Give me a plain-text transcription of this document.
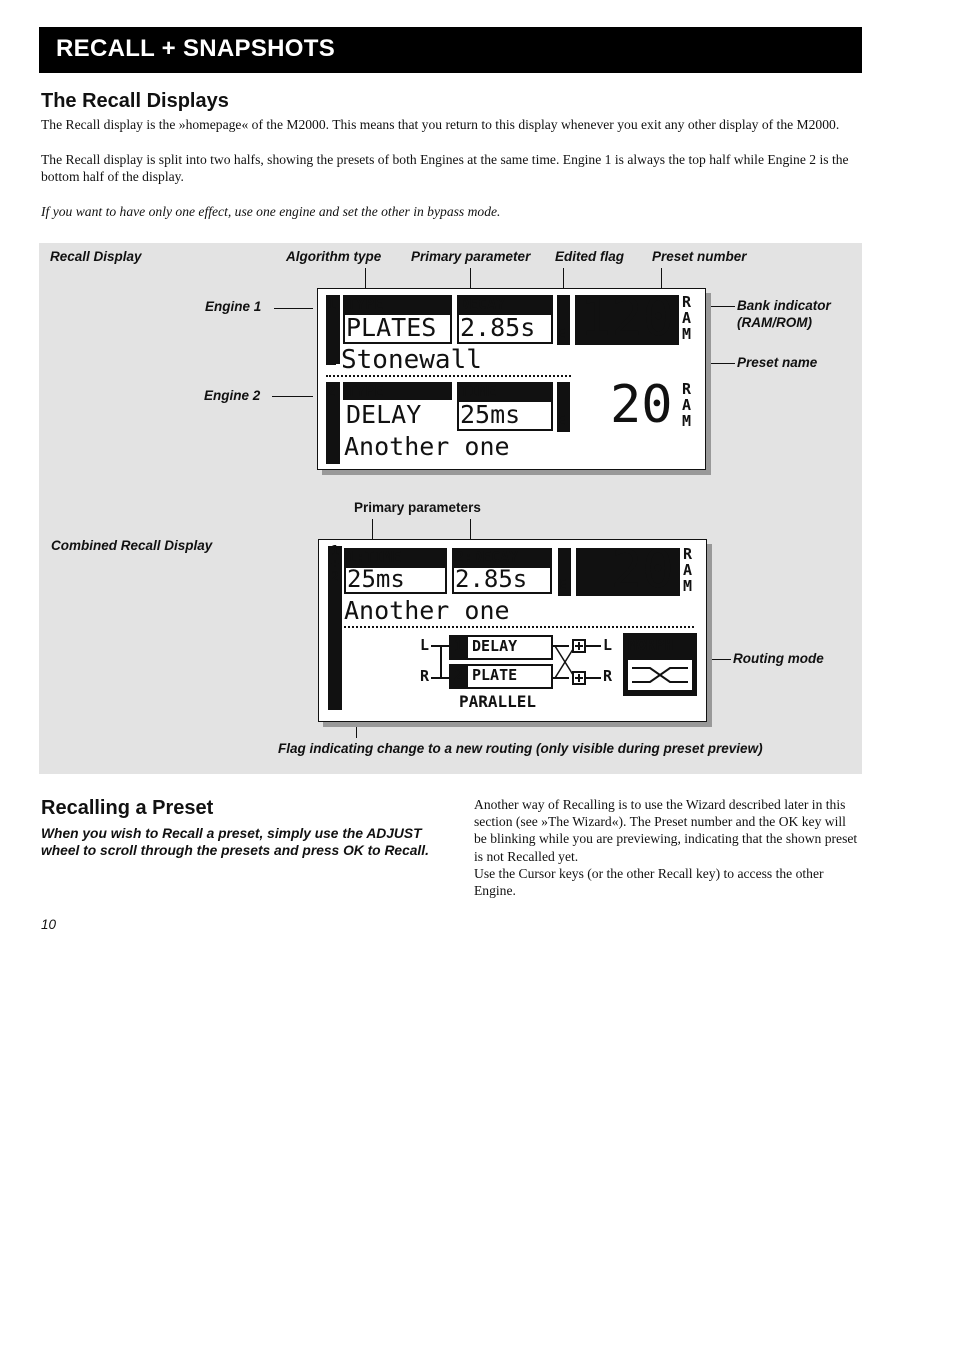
RECALL + SNAPSHOTS
The Recall Displays
The Recall display is the »homepage« of the M2000. This means that you return to this display whenever you exit any other display of the M2000.
The Recall display is split into two halfs, showing the presets of both Engines at the same time. Engine 1 is always the top half while Engine 2 is the bottom half of the display.
If you want to have only one effect, use one engine and set the other in bypass mode.
Recall Display	Algorithm type Primary parameter Edited flag Preset number
Engine 1
Engine 2
Bank indicator
(RAM/ROM)
Preset name
Primary parameters
Combined Recall Display
Routing mode
Flag indicating change to a new routing (only visible during preset preview)
1 TYPE
PLATES
DECAY
2.85s E 120 R
A
M
Stonewall
2 TYPE
DELAY
TIME
25ms	E 20 R
A
M
Another one
1
+
2
1:TIME
25ms
2:DECAY
2.85s E 20 R
A
M
Another one
L
R
1 DELAY
2 PLATE
L
R
PARALLEL
MORPH
Recalling a Preset
When you wish to Recall a preset, simply use the ADJUST wheel to scroll through the presets and press OK to Recall.
Another way of Recalling is to use the Wizard described later in this section (see »The Wizard«). The Preset number and the OK key will be blinking while you are previewing, indicating that the shown preset is not Recalled yet.
Use the Cursor keys (or the other Recall key) to access the other Engine.
10
